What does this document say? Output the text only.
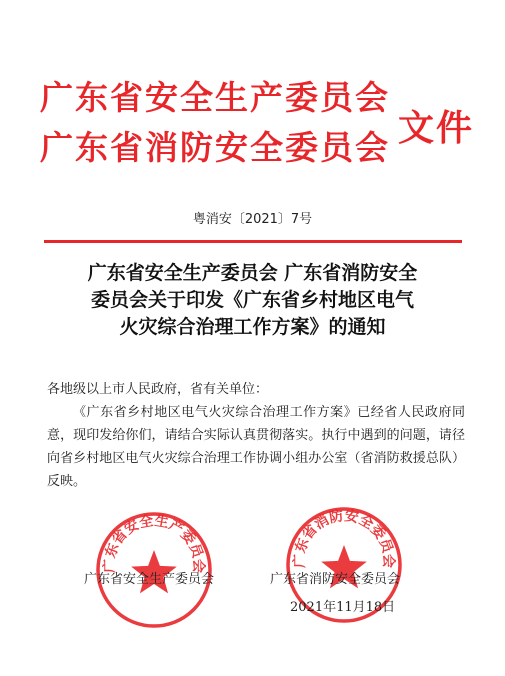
广东省安全生产委员会
广东省消防安全委员会 文件
粤消安〔2021〕7号
广东省安全生产委员会 广东省消防安全
委员会关于印发《广东省乡村地区电气
火灾综合治理工作方案》的通知
各地级以上市人民政府，省有关单位：
《广东省乡村地区电气火灾综合治理工作方案》已经省人民政府同意，现印发给你们，请结合实际认真贯彻落实。执行中遇到的问题，请径向省乡村地区电气火灾综合治理工作协调小组办公室（省消防救援总队）反映。
广东省安全生产委员会	广东省消防安全委员会
广东省安全生产委员会	广东省消防安全委员会
2021年11月18日
